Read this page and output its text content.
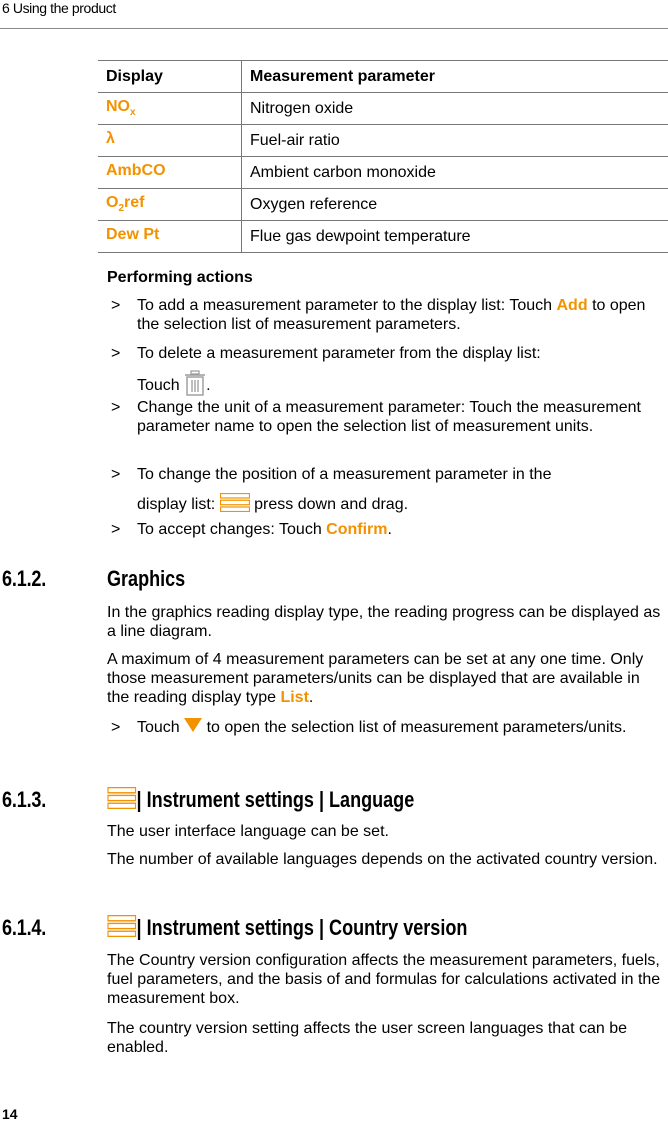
6 Using the product
Display	Measurement parameter
$NO_x$	Nitrogen oxide
λ	Fuel-air ratio
AmbCO	Ambient carbon monoxide
$O_2ref$	Oxygen reference
Dew Pt	Flue gas dewpoint temperature
Performing actions
> To add a measurement parameter to the display list: Touch Add to open the selection list of measurement parameters.
> To delete a measurement parameter from the display list:
Touch .
> Change the unit of a measurement parameter: Touch the measurement parameter name to open the selection list of measurement units.
> To change the position of a measurement parameter in the
display list: press down and drag.
> To accept changes: Touch Confirm.
6.1.2.	Graphics
In the graphics reading display type, the reading progress can be displayed as a line diagram.
A maximum of 4 measurement parameters can be set at any one time. Only those measurement parameters/units can be displayed that are available in the reading display type List.
> Touch to open the selection list of measurement parameters/units.
6.1.3.	| Instrument settings | Language
The user interface language can be set.
The number of available languages depends on the activated country version.
6.1.4.	| Instrument settings | Country version
The Country version configuration affects the measurement parameters, fuels, fuel parameters, and the basis of and formulas for calculations activated in the measurement box.
The country version setting affects the user screen languages that can be enabled.
14
